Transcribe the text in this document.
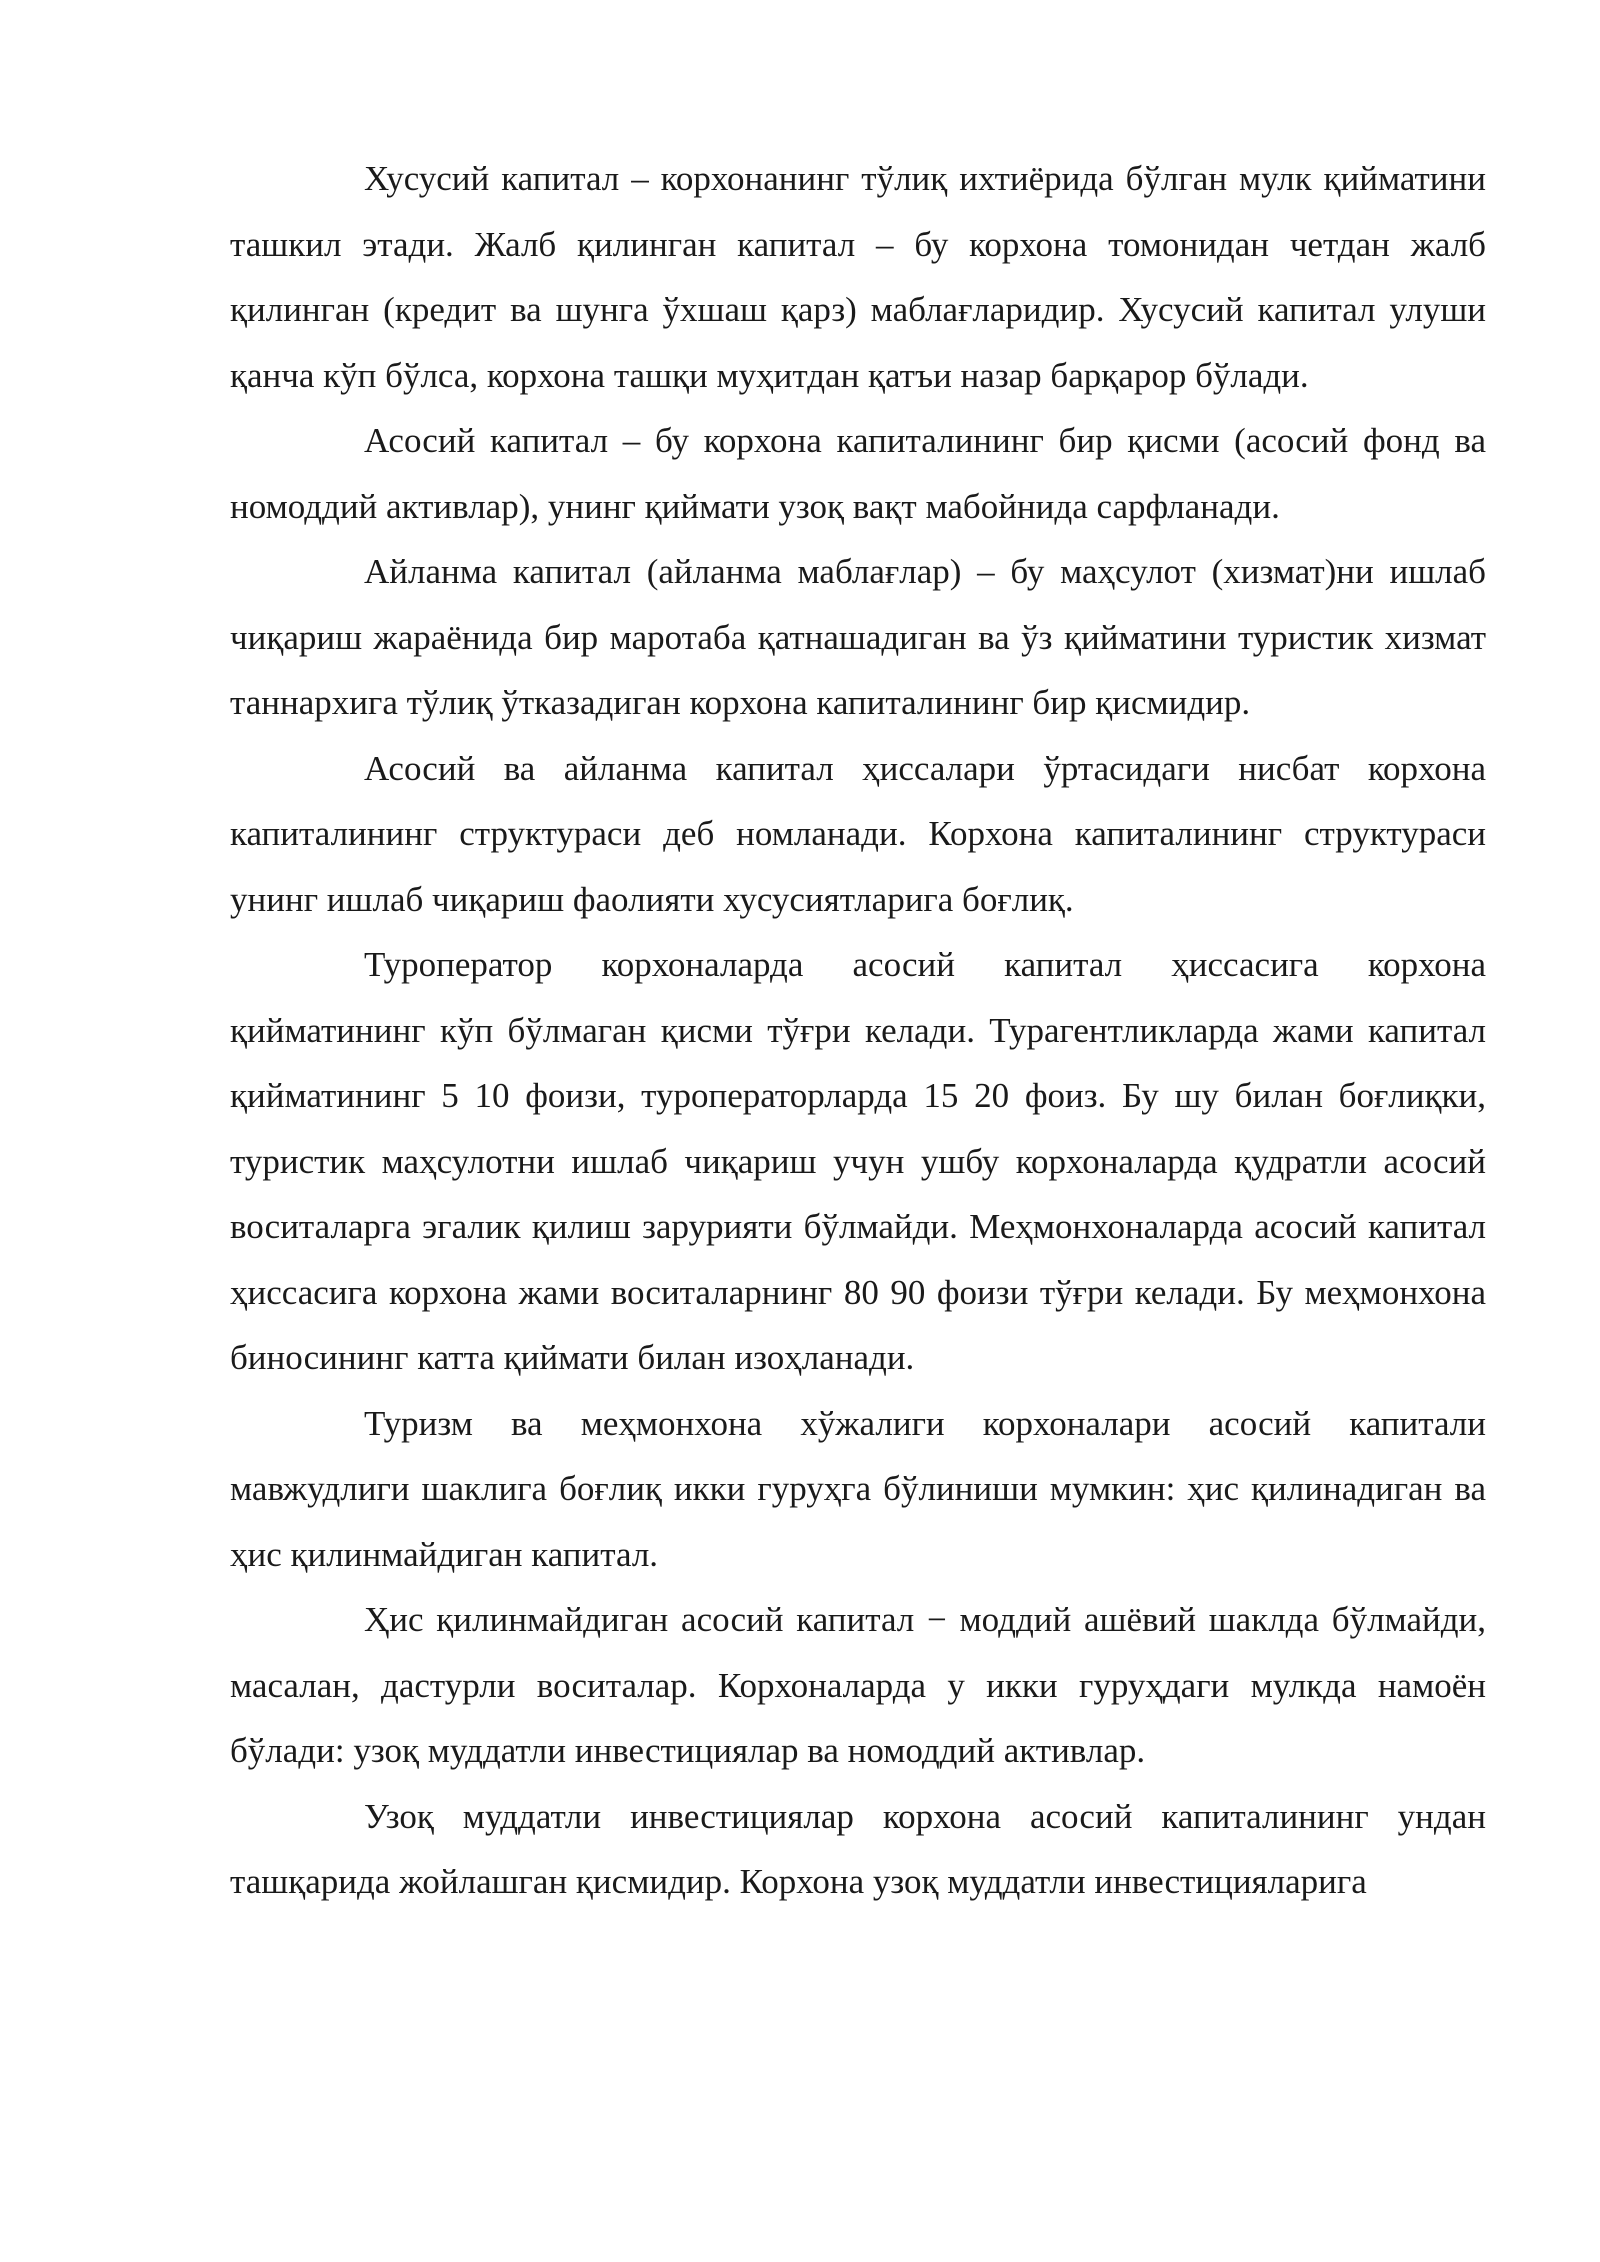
Хусусий капитал – корхонанинг тўлиқ ихтиёрида бўлган мулк қийматини ташкил этади. Жалб қилинган капитал – бу корхона томонидан четдан жалб қилинган (кредит ва шунга ўхшаш қарз) маблағларидир. Хусусий капитал улуши қанча кўп бўлса, корхона ташқи муҳитдан қатъи назар барқарор бўлади.

Асосий капитал – бу корхона капиталининг бир қисми (асосий фонд ва номоддий активлар), унинг қиймати узоқ вақт мабойнида сарфланади.

Айланма капитал (айланма маблағлар) – бу маҳсулот (хизмат)ни ишлаб чиқариш жараёнида бир маротаба қатнашадиган ва ўз қийматини туристик хизмат таннархига тўлиқ ўтказадиган корхона капиталининг бир қисмидир.

Асосий ва айланма капитал ҳиссалари ўртасидаги нисбат корхона капиталининг структураси деб номланади. Корхона капиталининг структураси унинг ишлаб чиқариш фаолияти хусусиятларига боғлиқ.

Туроператор корхоналарда асосий капитал ҳиссасига корхона қийматининг кўп бўлмаган қисми тўғри келади. Турагентликларда жами капитал қийматининг 5 10 фоизи, туроператорларда 15 20 фоиз. Бу шу билан боғлиқки, туристик маҳсулотни ишлаб чиқариш учун ушбу корхоналарда қудратли асосий воситаларга эгалик қилиш зарурияти бўлмайди. Меҳмонхоналарда асосий капитал ҳиссасига корхона жами воситаларнинг 80 90 фоизи тўғри келади. Бу меҳмонхона биносининг катта қиймати билан изоҳланади.

Туризм ва меҳмонхона хўжалиги корхоналари асосий капитали мавжудлиги шаклига боғлиқ икки гуруҳга бўлиниши мумкин: ҳис қилинадиган ва ҳис қилинмайдиган капитал.

Ҳис қилинмайдиган асосий капитал − моддий ашёвий шаклда бўлмайди, масалан, дастурли воситалар. Корхоналарда у икки гуруҳдаги мулкда намоён бўлади: узоқ муддатли инвестициялар ва номоддий активлар.

Узоқ муддатли инвестициялар корхона асосий капиталининг ундан ташқарида жойлашган қисмидир. Корхона узоқ муддатли инвестицияларига
